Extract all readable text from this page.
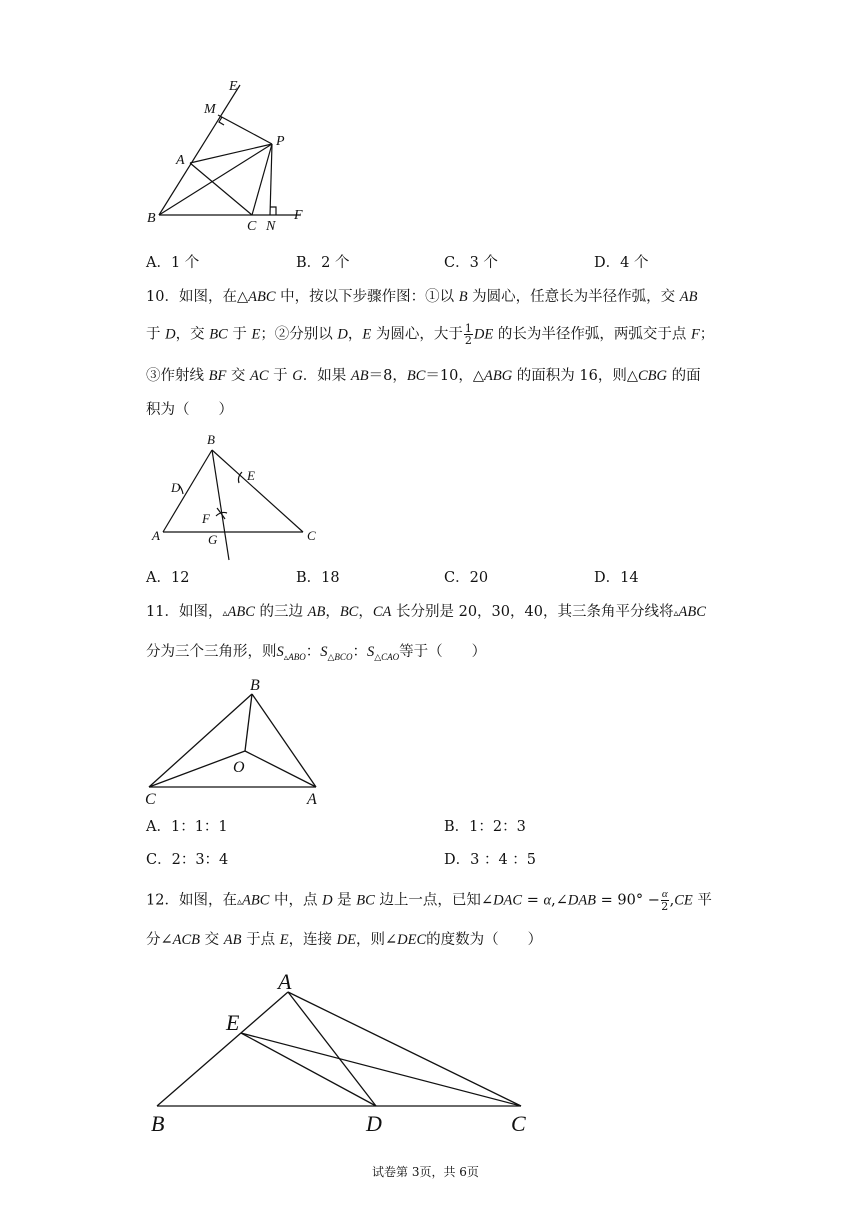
E
M
A
P
B
C N
F
A．1 个	B．2 个	C．3 个	D．4 个
10．如图，在△ABC 中，按以下步骤作图：①以 B 为圆心，任意长为半径作弧，交 AB
于 D，交 BC 于 E；②分别以 D，E 为圆心，大于 $\frac{1}{2}$ DE 的长为半径作弧，两弧交于点 F；
③作射线 BF 交 AC 于 G．如果 AB＝8，BC＝10，△ABG 的面积为 16，则△CBG 的面
积为（　　）
B
D
E
F
A	G	C
A．12	B．18	C．20	D．14
11．如图，▵ABC 的三边 AB，BC，CA 长分别是 20，30，40，其三条角平分线将▵ABC
分为三个三角形，则$S_{▵ABO}$：$S_{\triangle BCO}$：$S_{\triangle CAO}$等于（　　）
B
O
C	A
A．1：1：1	B．1：2：3
C．2：3：4	D．3 ：4 ：5
12．如图，在▵ABC 中，点 D 是 BC 边上一点，已知∠DAC = α,∠DAB = $90^\circ - \frac{\alpha}{2} ,CE$ 平
分∠ACB 交 AB 于点 E，连接 DE，则∠DEC的度数为（　　）
A
E
B	D	C
试卷第 3页，共 6页
